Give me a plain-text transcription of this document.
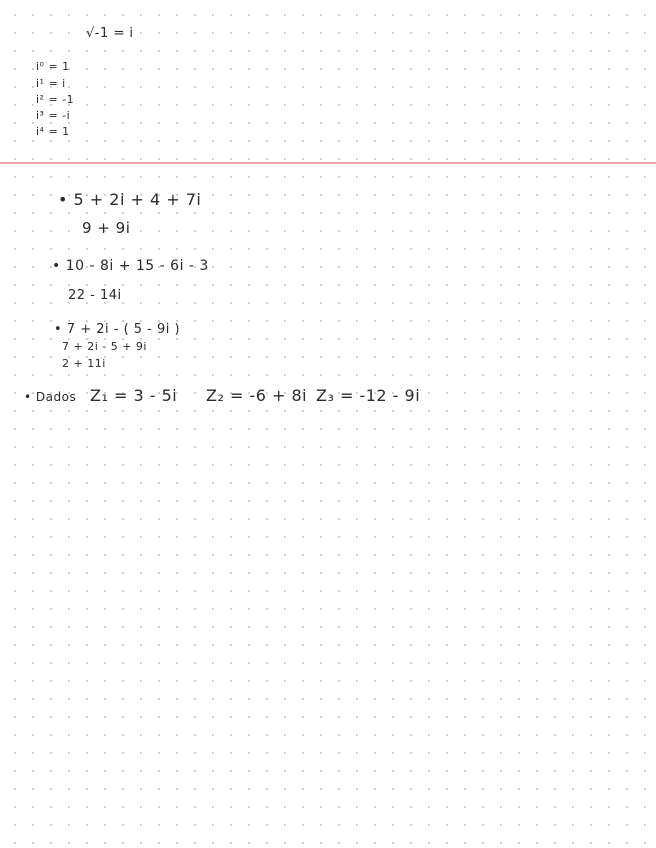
√-1 = i
i⁰ = 1
i¹ = i
i² = -1
i³ = -i
i⁴ = 1
• 5 + 2i + 4 + 7i
9 + 9i
• 10 - 8i + 15 - 6i - 3
22 - 14i
• 7 + 2i - ( 5 - 9i )
7 + 2i - 5 + 9i
2 + 11i
• Dados Z₁ = 3 - 5i Z₂ = -6 + 8i Z₃ = -12 - 9i
